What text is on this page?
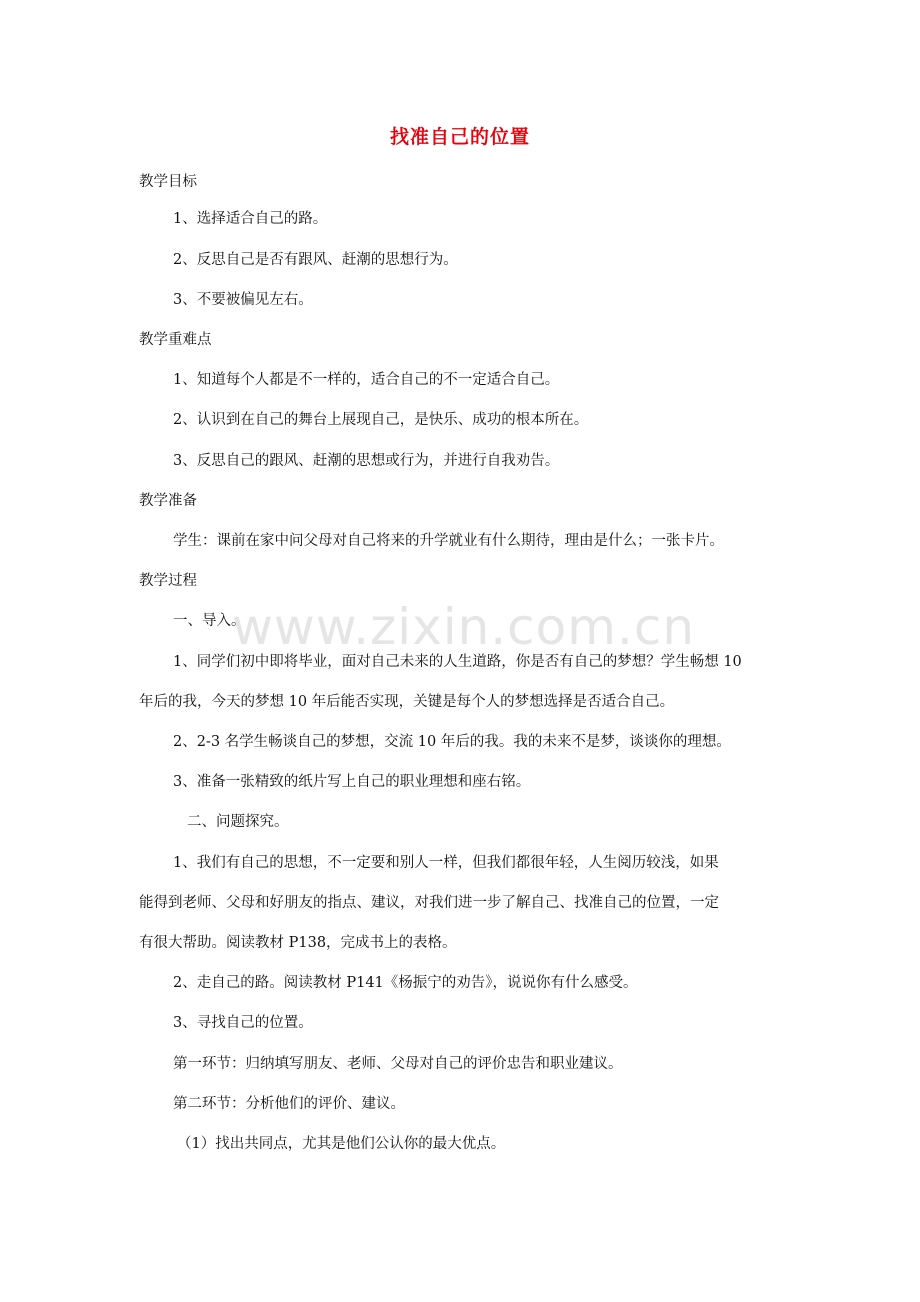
找准自己的位置
www.zixin.com.cn
教学目标
1、选择适合自己的路。
2、反思自己是否有跟风、赶潮的思想行为。
3、不要被偏见左右。
教学重难点
1、知道每个人都是不一样的，适合自己的不一定适合自己。
2、认识到在自己的舞台上展现自己，是快乐、成功的根本所在。
3、反思自己的跟风、赶潮的思想或行为，并进行自我劝告。
教学准备
学生：课前在家中问父母对自己将来的升学就业有什么期待，理由是什么；一张卡片。
教学过程
一、导入。
1、同学们初中即将毕业，面对自己未来的人生道路，你是否有自己的梦想？学生畅想 10
年后的我，今天的梦想 10 年后能否实现，关键是每个人的梦想选择是否适合自己。
2、2-3 名学生畅谈自己的梦想，交流 10 年后的我。我的未来不是梦，谈谈你的理想。
3、准备一张精致的纸片写上自己的职业理想和座右铭。
二、问题探究。
1、我们有自己的思想，不一定要和别人一样，但我们都很年轻，人生阅历较浅，如果
能得到老师、父母和好朋友的指点、建议，对我们进一步了解自己、找准自己的位置，一定
有很大帮助。阅读教材 P138，完成书上的表格。
2、走自己的路。阅读教材 P141《杨振宁的劝告》，说说你有什么感受。
3、寻找自己的位置。
第一环节：归纳填写朋友、老师、父母对自己的评价忠告和职业建议。
第二环节：分析他们的评价、建议。
（1）找出共同点，尤其是他们公认你的最大优点。
